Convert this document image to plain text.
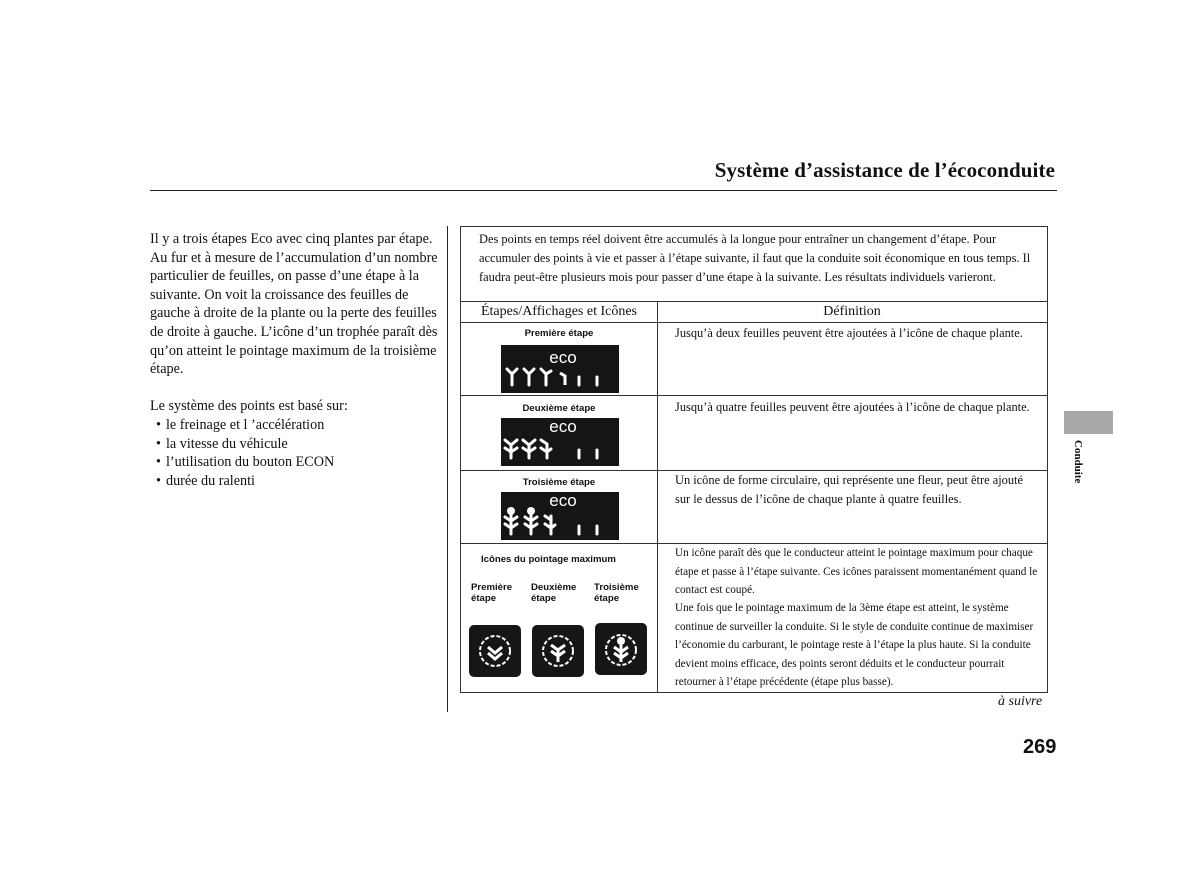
Système d’assistance de l’écoconduite

Il y a trois étapes Eco avec cinq plantes par étape. Au fur et à mesure de l’accumulation d’un nombre particulier de feuilles, on passe d’une étape à la suivante. On voit la croissance des feuilles de gauche à droite de la plante ou la perte des feuilles de droite à gauche. L’icône d’un trophée paraît dès qu’on atteint le pointage maximum de la troisième étape.

Le système des points est basé sur:

• le freinage et l ’accélération
• la vitesse du véhicule
• l’utilisation du bouton ECON
• durée du ralenti
Des points en temps réel doivent être accumulés à la longue pour entraîner un changement d’étape. Pour accumuler des points à vie et passer à l’étape suivante, il faut que la conduite soit économique en tous temps. Il faudra peut-être plusieurs mois pour passer d’une étape à la suivante. Les résultats individuels varieront.
Étapes/Affichages et Icônes	Définition
Première étape
eco
Jusqu’à deux feuilles peuvent être ajoutées à l’icône de chaque plante.
Deuxième étape
eco
Jusqu’à quatre feuilles peuvent être ajoutées à l’icône de chaque plante.
Troisième étape
eco
Un icône de forme circulaire, qui représente une fleur, peut être ajouté sur le dessus de l’icône de chaque plante à quatre feuilles.
Icônes du pointage maximum
Première étape
Deuxième étape
Troisième étape
Un icône paraît dès que le conducteur atteint le pointage maximum pour chaque étape et passe à l’étape suivante. Ces icônes paraissent momentanément quand le contact est coupé.
Une fois que le pointage maximum de la 3ème étape est atteint, le système continue de surveiller la conduite. Si le style de conduite continue de maximiser l’économie du carburant, le pointage reste à l’étape la plus haute. Si la conduite devient moins efficace, des points seront déduits et le conducteur pourrait retourner à l’étape précédente (étape plus basse).
à suivre
269
Conduite
